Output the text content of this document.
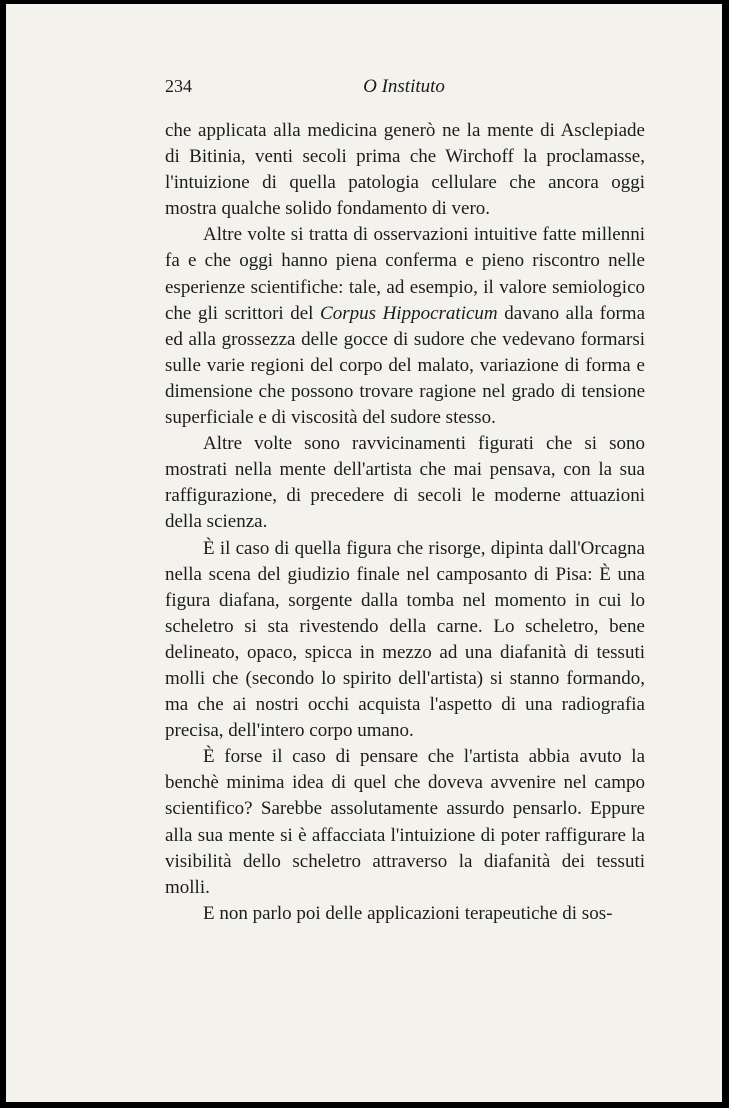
234	O Instituto

che applicata alla medicina generò ne la mente di Asclepiade di Bitinia, venti secoli prima che Wirchoff la proclamasse, l'intuizione di quella patologia cellulare che ancora oggi mostra qualche solido fondamento di vero.

Altre volte si tratta di osservazioni intuitive fatte millenni fa e che oggi hanno piena conferma e pieno riscontro nelle esperienze scientifiche: tale, ad esempio, il valore semiologico che gli scrittori del Corpus Hippocraticum davano alla forma ed alla grossezza delle gocce di sudore che vedevano formarsi sulle varie regioni del corpo del malato, variazione di forma e dimensione che possono trovare ragione nel grado di tensione superficiale e di viscosità del sudore stesso.

Altre volte sono ravvicinamenti figurati che si sono mostrati nella mente dell'artista che mai pensava, con la sua raffigurazione, di precedere di secoli le moderne attuazioni della scienza.

È il caso di quella figura che risorge, dipinta dall'Orcagna nella scena del giudizio finale nel camposanto di Pisa: È una figura diafana, sorgente dalla tomba nel momento in cui lo scheletro si sta rivestendo della carne. Lo scheletro, bene delineato, opaco, spicca in mezzo ad una diafanità di tessuti molli che (secondo lo spirito dell'artista) si stanno formando, ma che ai nostri occhi acquista l'aspetto di una radiografia precisa, dell'intero corpo umano.

È forse il caso di pensare che l'artista abbia avuto la benchè minima idea di quel che doveva avvenire nel campo scientifico? Sarebbe assolutamente assurdo pensarlo. Eppure alla sua mente si è affacciata l'intuizione di poter raffigurare la visibilità dello scheletro attraverso la diafanità dei tessuti molli.

E non parlo poi delle applicazioni terapeutiche di sos-
